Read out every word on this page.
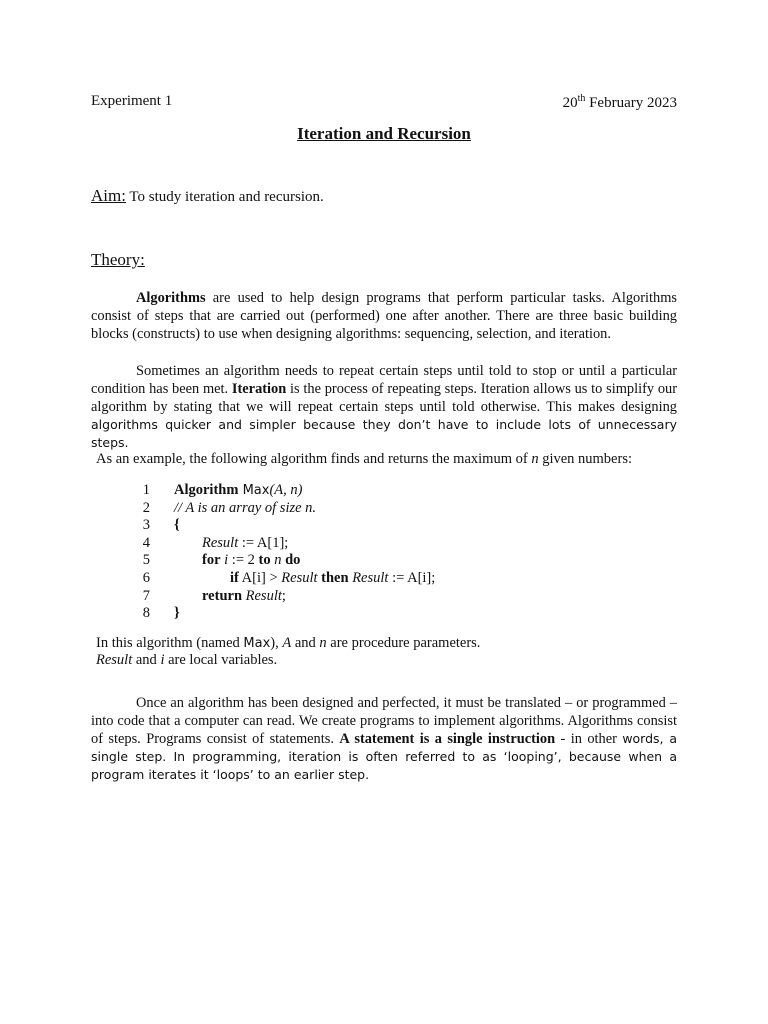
Experiment 1	20th February 2023
Iteration and Recursion
Aim: To study iteration and recursion.
Theory:

Algorithms are used to help design programs that perform particular tasks. Algorithms consist of steps that are carried out (performed) one after another. There are three basic building blocks (constructs) to use when designing algorithms: sequencing, selection, and iteration.

Sometimes an algorithm needs to repeat certain steps until told to stop or until a particular condition has been met. Iteration is the process of repeating steps. Iteration allows us to simplify our algorithm by stating that we will repeat certain steps until told otherwise. This makes designing algorithms quicker and simpler because they don’t have to include lots of unnecessary steps.

As an example, the following algorithm finds and returns the maximum of n given numbers:

1 Algorithm Max(A, n)
2 // A is an array of size n.
3 {
4	Result := A[1];
5	for i := 2 to n do
6	if A[i] > Result then Result := A[i];
7	return Result;
8 }

In this algorithm (named Max), A and n are procedure parameters.
Result and i are local variables.

Once an algorithm has been designed and perfected, it must be translated – or programmed – into code that a computer can read. We create programs to implement algorithms. Algorithms consist of steps. Programs consist of statements. A statement is a single instruction - in other words, a single step. In programming, iteration is often referred to as ‘looping’, because when a program iterates it ‘loops’ to an earlier step.
